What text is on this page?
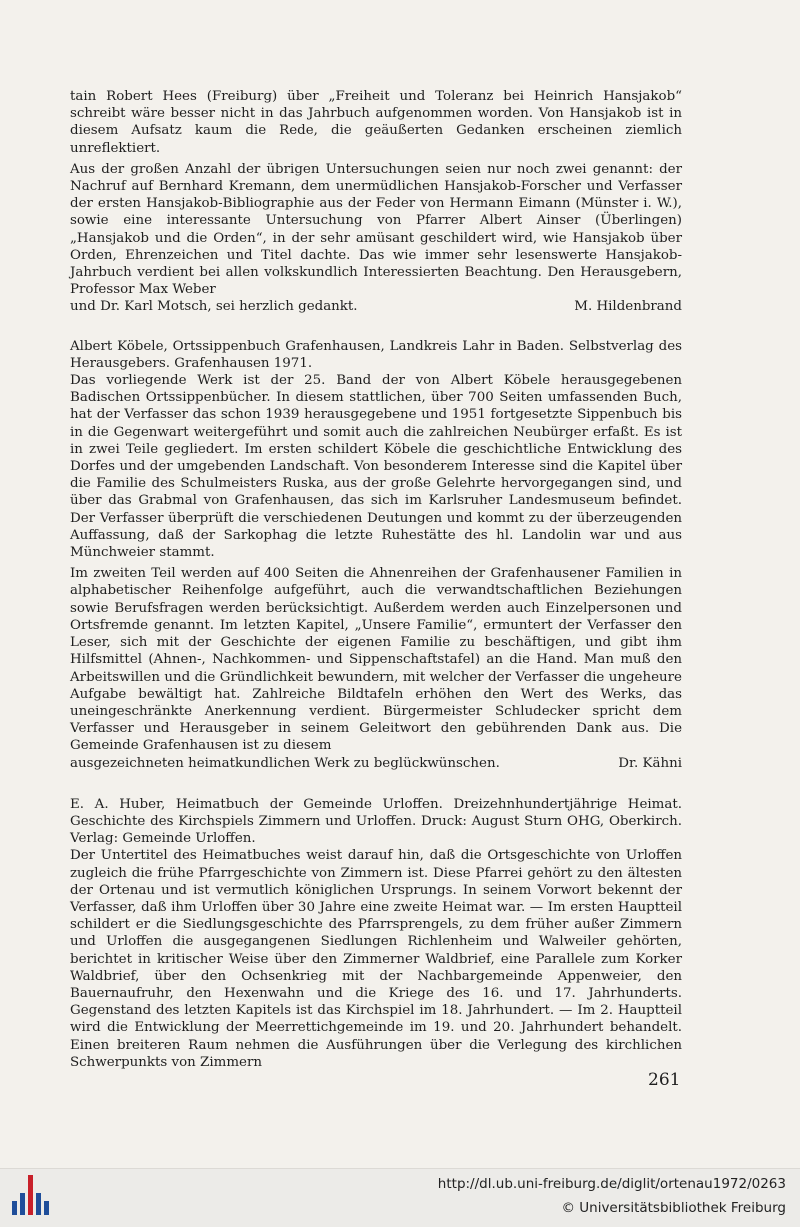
tain Robert Hees (Freiburg) über „Freiheit und Toleranz bei Heinrich Hansjakob“ schreibt wäre besser nicht in das Jahrbuch aufgenommen worden. Von Hansjakob ist in diesem Aufsatz kaum die Rede, die geäußerten Gedanken erscheinen ziemlich unreflektiert.

Aus der großen Anzahl der übrigen Untersuchungen seien nur noch zwei genannt: der Nachruf auf Bernhard Kremann, dem unermüdlichen Hansjakob-Forscher und Verfasser der ersten Hansjakob-Bibliographie aus der Feder von Hermann Eimann (Münster i. W.), sowie eine interessante Untersuchung von Pfarrer Albert Ainser (Überlingen) „Hansjakob und die Orden“, in der sehr amüsant geschildert wird, wie Hansjakob über Orden, Ehrenzeichen und Titel dachte. Das wie immer sehr lesenswerte Hansjakob-Jahrbuch verdient bei allen volkskundlich Interessierten Beachtung. Den Herausgebern, Professor Max Weber

und Dr. Karl Motsch, sei herzlich gedankt.	M. Hildenbrand

Albert Köbele, Ortssippenbuch Grafenhausen, Landkreis Lahr in Baden. Selbstverlag des Herausgebers. Grafenhausen 1971.

Das vorliegende Werk ist der 25. Band der von Albert Köbele herausgegebenen Badischen Ortssippenbücher. In diesem stattlichen, über 700 Seiten umfassenden Buch, hat der Verfasser das schon 1939 herausgegebene und 1951 fortgesetzte Sippenbuch bis in die Gegenwart weitergeführt und somit auch die zahlreichen Neubürger erfaßt. Es ist in zwei Teile gegliedert. Im ersten schildert Köbele die geschichtliche Entwicklung des Dorfes und der umgebenden Landschaft. Von besonderem Interesse sind die Kapitel über die Familie des Schulmeisters Ruska, aus der große Gelehrte hervorgegangen sind, und über das Grabmal von Grafenhausen, das sich im Karlsruher Landesmuseum befindet. Der Verfasser überprüft die verschiedenen Deutungen und kommt zu der überzeugenden Auffassung, daß der Sarkophag die letzte Ruhestätte des hl. Landolin war und aus Münchweier stammt.

Im zweiten Teil werden auf 400 Seiten die Ahnenreihen der Grafenhausener Familien in alphabetischer Reihenfolge aufgeführt, auch die verwandtschaftlichen Beziehungen sowie Berufsfragen werden berücksichtigt. Außerdem werden auch Einzelpersonen und Ortsfremde genannt. Im letzten Kapitel, „Unsere Familie“, ermuntert der Verfasser den Leser, sich mit der Geschichte der eigenen Familie zu beschäftigen, und gibt ihm Hilfsmittel (Ahnen-, Nachkommen- und Sippenschaftstafel) an die Hand. Man muß den Arbeitswillen und die Gründlichkeit bewundern, mit welcher der Verfasser die ungeheure Aufgabe bewältigt hat. Zahlreiche Bildtafeln erhöhen den Wert des Werks, das uneingeschränkte Anerkennung verdient. Bürgermeister Schludecker spricht dem Verfasser und Herausgeber in seinem Geleitwort den gebührenden Dank aus. Die Gemeinde Grafenhausen ist zu diesem

ausgezeichneten heimatkundlichen Werk zu beglückwünschen.	Dr. Kähni

E. A. Huber, Heimatbuch der Gemeinde Urloffen. Dreizehnhundertjährige Heimat. Geschichte des Kirchspiels Zimmern und Urloffen. Druck: August Sturn OHG, Oberkirch. Verlag: Gemeinde Urloffen.

Der Untertitel des Heimatbuches weist darauf hin, daß die Ortsgeschichte von Urloffen zugleich die frühe Pfarrgeschichte von Zimmern ist. Diese Pfarrei gehört zu den ältesten der Ortenau und ist vermutlich königlichen Ursprungs. In seinem Vorwort bekennt der Verfasser, daß ihm Urloffen über 30 Jahre eine zweite Heimat war. — Im ersten Hauptteil schildert er die Siedlungsgeschichte des Pfarrsprengels, zu dem früher außer Zimmern und Urloffen die ausgegangenen Siedlungen Richlenheim und Walweiler gehörten, berichtet in kritischer Weise über den Zimmerner Waldbrief, eine Parallele zum Korker Waldbrief, über den Ochsenkrieg mit der Nachbargemeinde Appenweier, den Bauernaufruhr, den Hexenwahn und die Kriege des 16. und 17. Jahrhunderts. Gegenstand des letzten Kapitels ist das Kirchspiel im 18. Jahrhundert. — Im 2. Hauptteil wird die Entwicklung der Meerrettichgemeinde im 19. und 20. Jahrhundert behandelt. Einen breiteren Raum nehmen die Ausführungen über die Verlegung des kirchlichen Schwerpunkts von Zimmern

261
http://dl.ub.uni-freiburg.de/diglit/ortenau1972/0263
© Universitätsbibliothek Freiburg
